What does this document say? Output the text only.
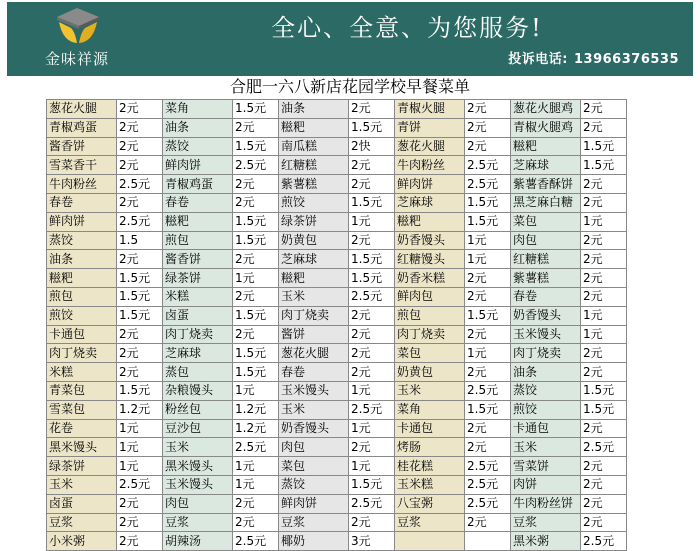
金味祥源
全心、全意、为您服务!
投诉电话: 13966376535
合肥一六八新店花园学校早餐菜单
葱花火腿	2元	菜角	1.5元	油条	2元	青椒火腿	2元	葱花火腿鸡	2元
青椒鸡蛋	2元	油条	2元	糍粑	1.5元	青饼	2元	青椒火腿鸡	2元
酱香饼	2元	蒸饺	1.5元	南瓜糕	2快	葱花火腿	2元	糍粑	1.5元
雪菜香干	2元	鲜肉饼	2.5元	红糖糕	2元	牛肉粉丝	2.5元	芝麻球	1.5元
牛肉粉丝	2.5元	青椒鸡蛋	2元	紫薯糕	2元	鲜肉饼	2.5元	紫薯香酥饼	2元
春卷	2元	春卷	2元	煎饺	1.5元	芝麻球	1.5元	黑芝麻白糖	2元
鲜肉饼	2.5元	糍粑	1.5元	绿茶饼	1元	糍粑	1.5元	菜包	1元
蒸饺	1.5	煎包	1.5元	奶黄包	2元	奶香馒头	1元	肉包	2元
油条	2元	酱香饼	2元	芝麻球	1.5元	红糖馒头	1元	红糖糕	2元
糍粑	1.5元	绿茶饼	1元	糍粑	1.5元	奶香米糕	2元	紫薯糕	2元
煎包	1.5元	米糕	2元	玉米	2.5元	鲜肉包	2元	春卷	2元
煎饺	1.5元	卤蛋	1.5元	肉丁烧卖	2元	煎包	1.5元	奶香馒头	1元
卡通包	2元	肉丁烧卖	2元	酱饼	2元	肉丁烧卖	2元	玉米馒头	1元
肉丁烧卖	2元	芝麻球	1.5元	葱花火腿	2元	菜包	1元	肉丁烧卖	2元
米糕	2元	蒸包	1.5元	春卷	2元	奶黄包	2元	油条	2元
青菜包	1.5元	杂粮馒头	1元	玉米馒头	1元	玉米	2.5元	蒸饺	1.5元
雪菜包	1.2元	粉丝包	1.2元	玉米	2.5元	菜角	1.5元	煎饺	1.5元
花卷	1元	豆沙包	1.2元	奶香馒头	1元	卡通包	2元	卡通包	2元
黑米馒头	1元	玉米	2.5元	肉包	2元	烤肠	2元	玉米	2.5元
绿茶饼	1元	黑米馒头	1元	菜包	1元	桂花糕	2.5元	雪菜饼	2元
玉米	2.5元	玉米馒头	1元	蒸饺	1.5元	玉米糕	2.5元	肉饼	2元
卤蛋	2元	肉包	2元	鲜肉饼	2.5元	八宝粥	2.5元	牛肉粉丝饼	2元
豆浆	2元	豆浆	2元	豆浆	2元	豆浆	2元	豆浆	2元
小米粥	2元	胡辣汤	2.5元	椰奶	3元			黑米粥	2.5元
